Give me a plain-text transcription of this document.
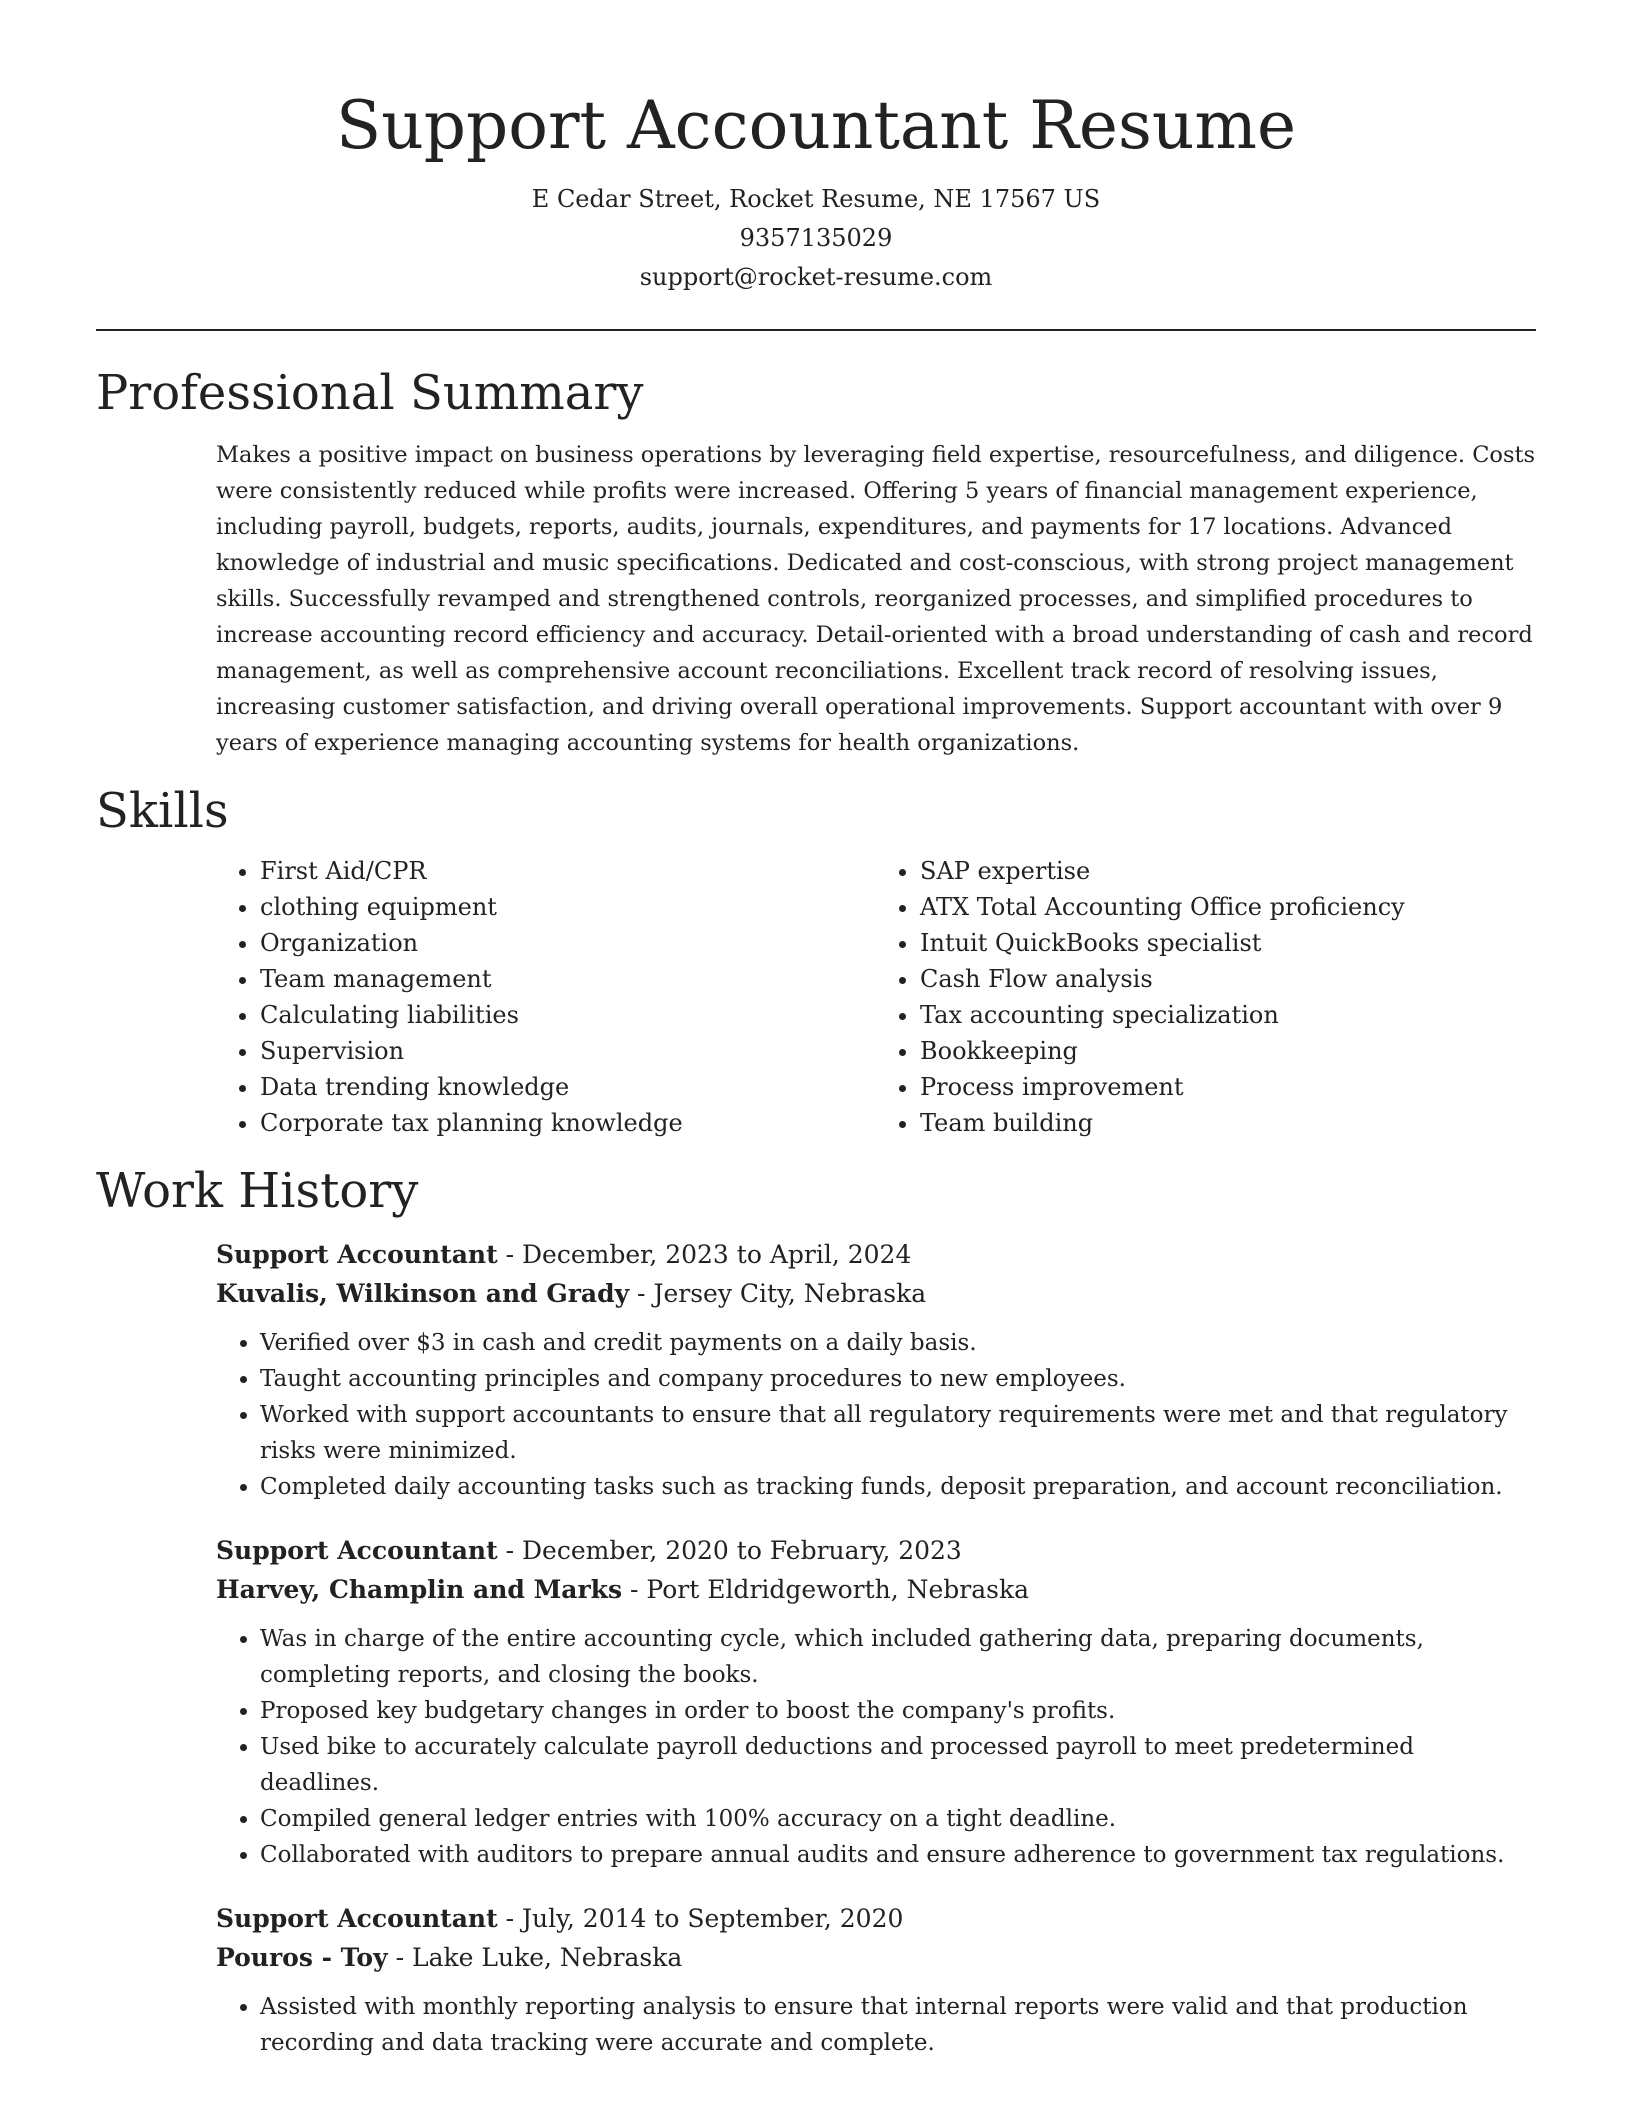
Support Accountant Resume
E Cedar Street, Rocket Resume, NE 17567 US
9357135029
support@rocket-resume.com
Professional Summary

Makes a positive impact on business operations by leveraging field expertise, resourcefulness, and diligence. Costs were consistently reduced while profits were increased. Offering 5 years of financial management experience, including payroll, budgets, reports, audits, journals, expenditures, and payments for 17 locations. Advanced knowledge of industrial and music specifications. Dedicated and cost-conscious, with strong project management skills. Successfully revamped and strengthened controls, reorganized processes, and simplified procedures to increase accounting record efficiency and accuracy. Detail-oriented with a broad understanding of cash and record management, as well as comprehensive account reconciliations. Excellent track record of resolving issues, increasing customer satisfaction, and driving overall operational improvements. Support accountant with over 9 years of experience managing accounting systems for health organizations.

Skills
• First Aid/CPR
• clothing equipment
• Organization
• Team management
• Calculating liabilities
• Supervision
• Data trending knowledge
• Corporate tax planning knowledge
• SAP expertise
• ATX Total Accounting Office proficiency
• Intuit QuickBooks specialist
• Cash Flow analysis
• Tax accounting specialization
• Bookkeeping
• Process improvement
• Team building
Work History
Support Accountant - December, 2023 to April, 2024
Kuvalis, Wilkinson and Grady - Jersey City, Nebraska
• Verified over $3 in cash and credit payments on a daily basis.
• Taught accounting principles and company procedures to new employees.
• Worked with support accountants to ensure that all regulatory requirements were met and that regulatory risks were minimized.
• Completed daily accounting tasks such as tracking funds, deposit preparation, and account reconciliation.
Support Accountant - December, 2020 to February, 2023
Harvey, Champlin and Marks - Port Eldridgeworth, Nebraska
• Was in charge of the entire accounting cycle, which included gathering data, preparing documents, completing reports, and closing the books.
• Proposed key budgetary changes in order to boost the company's profits.
• Used bike to accurately calculate payroll deductions and processed payroll to meet predetermined deadlines.
• Compiled general ledger entries with 100% accuracy on a tight deadline.
• Collaborated with auditors to prepare annual audits and ensure adherence to government tax regulations.
Support Accountant - July, 2014 to September, 2020
Pouros - Toy - Lake Luke, Nebraska
• Assisted with monthly reporting analysis to ensure that internal reports were valid and that production recording and data tracking were accurate and complete.
